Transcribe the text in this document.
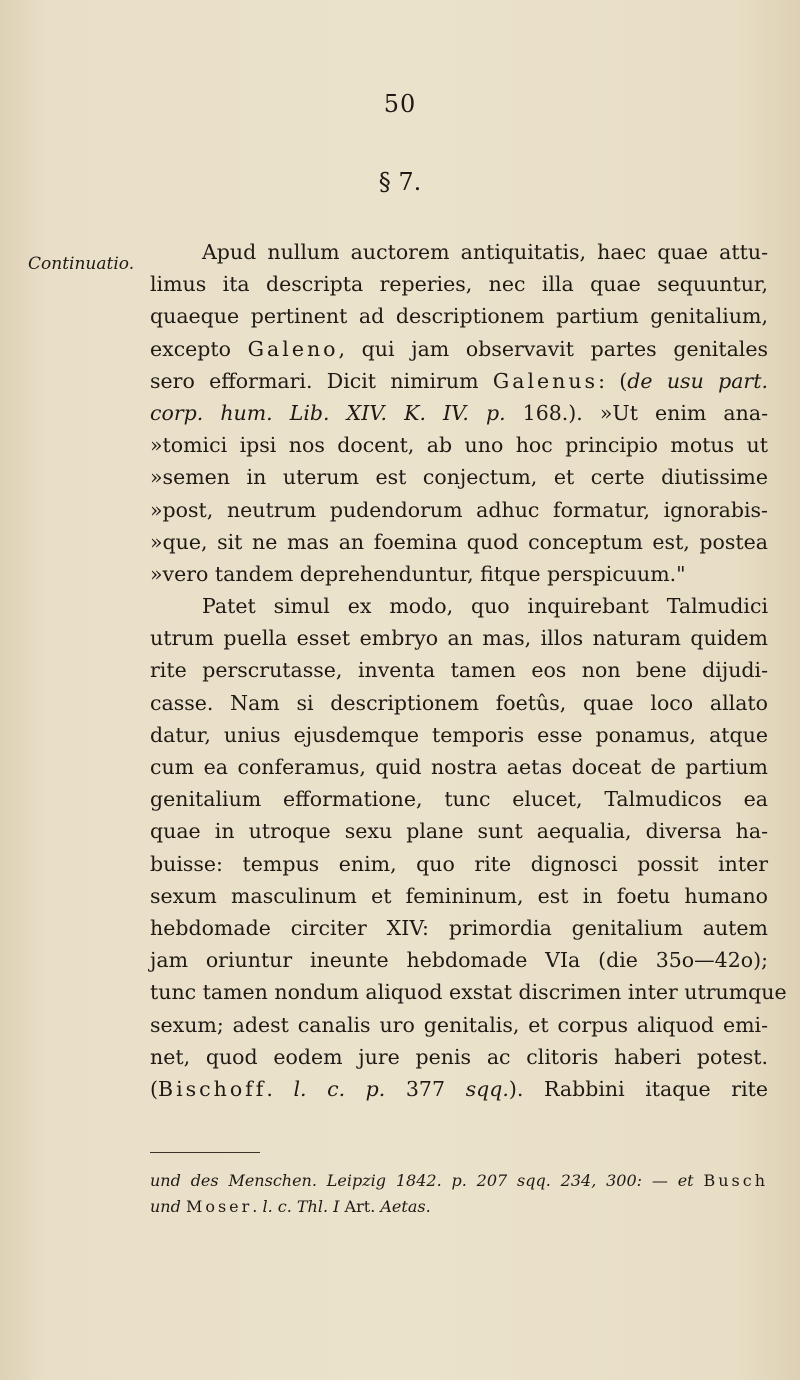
50
§ 7.
Continuatio.	Apud nullum auctorem antiquitatis, haec quae attu-
limus ita descripta reperies, nec illa quae sequuntur,
quaeque pertinent ad descriptionem partium genitalium,
excepto Galeno, qui jam observavit partes genitales
sero efformari. Dicit nimirum Galenus: (de usu part.
corp. hum. Lib. XIV. K. IV. p. 168.). »Ut enim ana-
»tomici ipsi nos docent, ab uno hoc principio motus ut
»semen in uterum est conjectum, et certe diutissime
»post, neutrum pudendorum adhuc formatur, ignorabis-
»que, sit ne mas an foemina quod conceptum est, postea
»vero tandem deprehenduntur, fitque perspicuum."
Patet simul ex modo, quo inquirebant Talmudici
utrum puella esset embryo an mas, illos naturam quidem
rite perscrutasse, inventa tamen eos non bene dijudi-
casse. Nam si descriptionem foetûs, quae loco allato
datur, unius ejusdemque temporis esse ponamus, atque
cum ea conferamus, quid nostra aetas doceat de partium
genitalium efformatione, tunc elucet, Talmudicos ea
quae in utroque sexu plane sunt aequalia, diversa ha-
buisse: tempus enim, quo rite dignosci possit inter
sexum masculinum et femininum, est in foetu humano
hebdomade circiter XIV: primordia genitalium autem
jam oriuntur ineunte hebdomade VIa (die 35o—42o);
tunc tamen nondum aliquod exstat discrimen inter utrumque
sexum; adest canalis uro genitalis, et corpus aliquod emi-
net, quod eodem jure penis ac clitoris haberi potest.
(Bischoff. l. c. p. 377 sqq.). Rabbini itaque rite
und des Menschen. Leipzig 1842. p. 207 sqq. 234, 300: — et Busch
und Moser. l. c. Thl. I Art. Aetas.
